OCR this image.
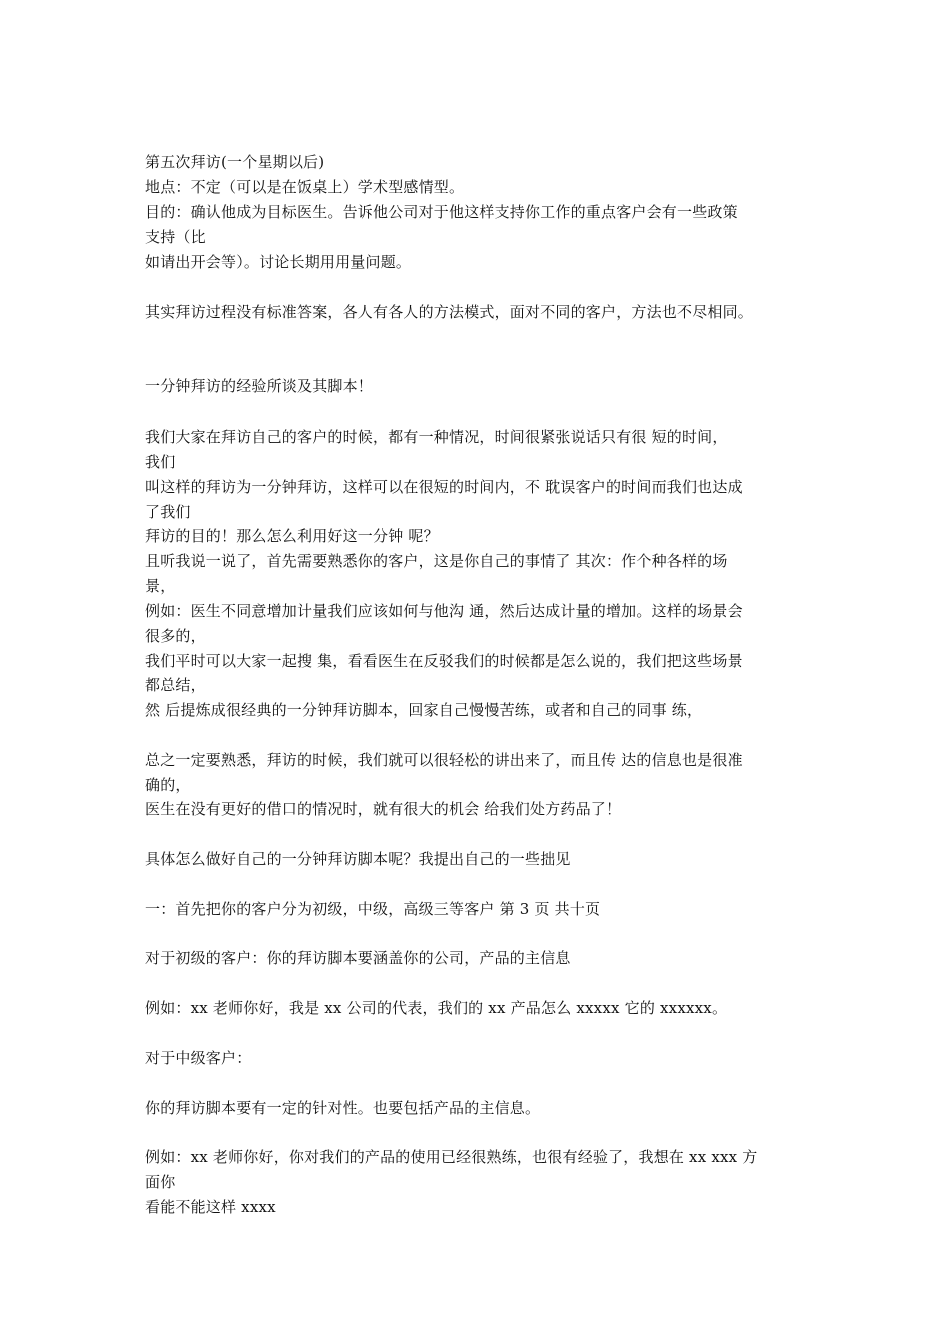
第五次拜访(一个星期以后)
地点：不定（可以是在饭桌上）学术型感情型。
目的：确认他成为目标医生。告诉他公司对于他这样支持你工作的重点客户会有一些政策
支持（比
如请出开会等）。讨论长期用用量问题。
其实拜访过程没有标准答案，各人有各人的方法模式，面对不同的客户，方法也不尽相同。
一分钟拜访的经验所谈及其脚本！
我们大家在拜访自己的客户的时候，都有一种情况，时间很紧张说话只有很 短的时间，
我们
叫这样的拜访为一分钟拜访，这样可以在很短的时间内，不 耽误客户的时间而我们也达成
了我们
拜访的目的！那么怎么利用好这一分钟 呢？
且听我说一说了，首先需要熟悉你的客户，这是你自己的事情了 其次：作个种各样的场
景，
例如：医生不同意增加计量我们应该如何与他沟 通，然后达成计量的增加。这样的场景会
很多的，
我们平时可以大家一起搜 集，看看医生在反驳我们的时候都是怎么说的，我们把这些场景
都总结，
然 后提炼成很经典的一分钟拜访脚本，回家自己慢慢苦练，或者和自己的同事 练，
总之一定要熟悉，拜访的时候，我们就可以很轻松的讲出来了，而且传 达的信息也是很准
确的，
医生在没有更好的借口的情况时，就有很大的机会 给我们处方药品了！
具体怎么做好自己的一分钟拜访脚本呢？我提出自己的一些拙见
一：首先把你的客户分为初级，中级，高级三等客户 第 3 页 共十页
对于初级的客户：你的拜访脚本要涵盖你的公司，产品的主信息
例如：xx 老师你好，我是 xx 公司的代表，我们的 xx 产品怎么 xxxxx 它的 xxxxxx。
对于中级客户：
你的拜访脚本要有一定的针对性。也要包括产品的主信息。
例如：xx 老师你好，你对我们的产品的使用已经很熟练，也很有经验了，我想在 xx xxx 方
面你
看能不能这样 xxxx
